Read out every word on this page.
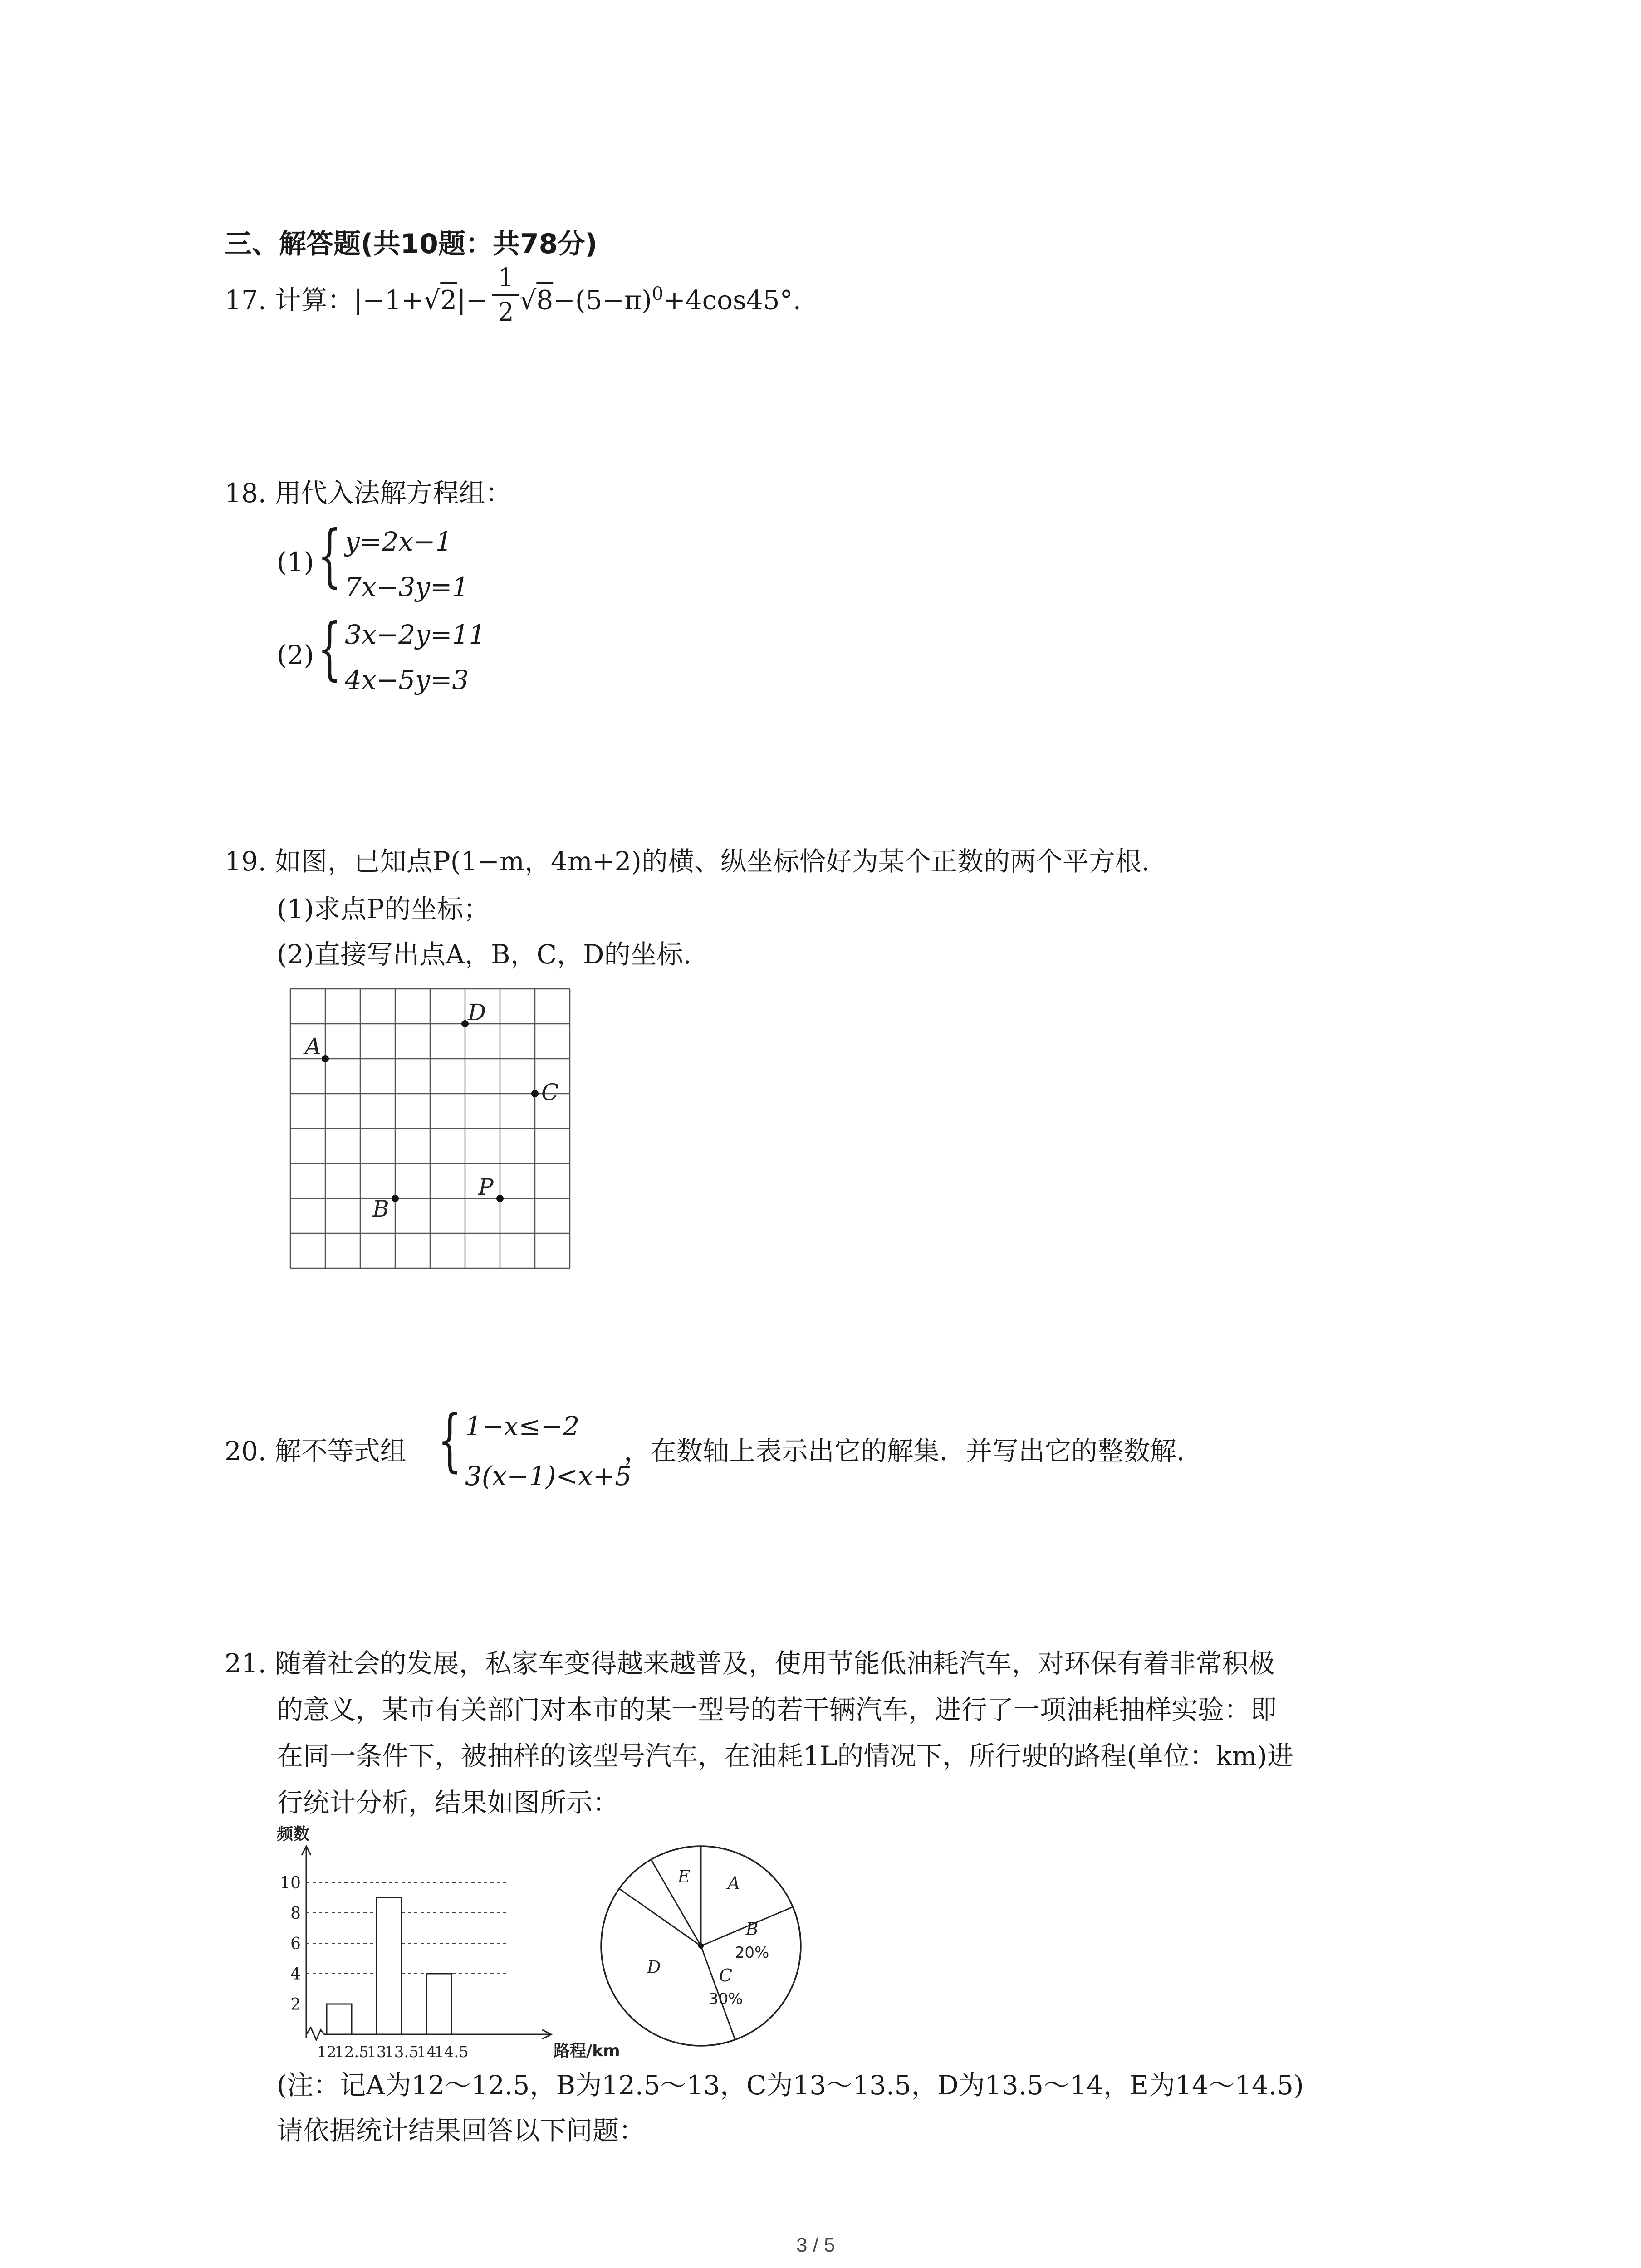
三、解答题(共10题：共78分)
17. 计算：$|-1+√2|- √8-(5-\pi)^0+4\cos 45^\circ$.
1
2
18. 用代入法解方程组：
(1) { y=2x−1
7x−3y=1
(2) { 3x−2y=11
4x−5y=3
19. 如图，已知点P(1−m，4m+2)的横、纵坐标恰好为某个正数的两个平方根.
(1)求点P的坐标；
(2)直接写出点A，B，C，D的坐标.
A
D
C
B
P
20. 解不等式组 { 1−x≤−2
3(x−1)<x+5
，在数轴上表示出它的解集．并写出它的整数解.
21. 随着社会的发展，私家车变得越来越普及，使用节能低油耗汽车，对环保有着非常积极
的意义，某市有关部门对本市的某一型号的若干辆汽车，进行了一项油耗抽样实验：即
在同一条件下，被抽样的该型号汽车，在油耗1L的情况下，所行驶的路程(单位：km)进
行统计分析，结果如图所示：
2
4
6
8
10
频数
12
12.5
13
13.5
14
14.5	路程/km
A
B
20%
C
30%
D
E
(注：记A为12～12.5，B为12.5～13，C为13～13.5，D为13.5～14，E为14～14.5)
请依据统计结果回答以下问题：
3 / 5
